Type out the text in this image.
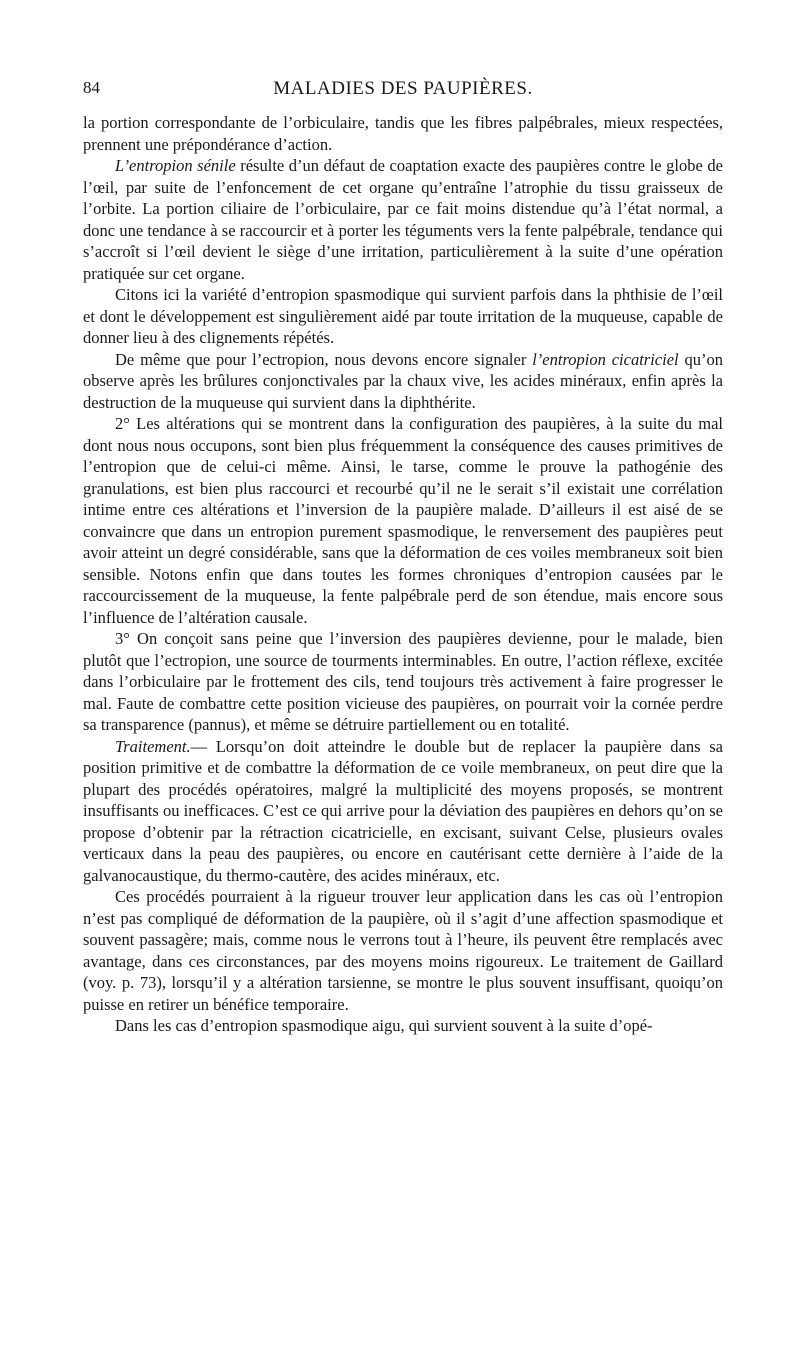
84	MALADIES DES PAUPIÈRES.

la portion correspondante de l’orbiculaire, tandis que les fibres palpébrales, mieux respectées, prennent une prépondérance d’action.

L’entropion sénile résulte d’un défaut de coaptation exacte des paupières contre le globe de l’œil, par suite de l’enfoncement de cet organe qu’entraîne l’atrophie du tissu graisseux de l’orbite. La portion ciliaire de l’orbiculaire, par ce fait moins distendue qu’à l’état normal, a donc une tendance à se raccourcir et à porter les téguments vers la fente palpébrale, tendance qui s’accroît si l’œil devient le siège d’une irritation, particulièrement à la suite d’une opération pratiquée sur cet organe.

Citons ici la variété d’entropion spasmodique qui survient parfois dans la phthisie de l’œil et dont le développement est singulièrement aidé par toute irritation de la muqueuse, capable de donner lieu à des clignements répétés.

De même que pour l’ectropion, nous devons encore signaler l’entropion cicatriciel qu’on observe après les brûlures conjonctivales par la chaux vive, les acides minéraux, enfin après la destruction de la muqueuse qui survient dans la diphthérite.

2° Les altérations qui se montrent dans la configuration des paupières, à la suite du mal dont nous nous occupons, sont bien plus fréquemment la conséquence des causes primitives de l’entropion que de celui-ci même. Ainsi, le tarse, comme le prouve la pathogénie des granulations, est bien plus raccourci et recourbé qu’il ne le serait s’il existait une corrélation intime entre ces altérations et l’inversion de la paupière malade. D’ailleurs il est aisé de se convaincre que dans un entropion purement spasmodique, le renversement des paupières peut avoir atteint un degré considérable, sans que la déformation de ces voiles membraneux soit bien sensible. Notons enfin que dans toutes les formes chroniques d’entropion causées par le raccourcissement de la muqueuse, la fente palpébrale perd de son étendue, mais encore sous l’influence de l’altération causale.

3° On conçoit sans peine que l’inversion des paupières devienne, pour le malade, bien plutôt que l’ectropion, une source de tourments interminables. En outre, l’action réflexe, excitée dans l’orbiculaire par le frottement des cils, tend toujours très activement à faire progresser le mal. Faute de combattre cette position vicieuse des paupières, on pourrait voir la cornée perdre sa transparence (pannus), et même se détruire partiellement ou en totalité.

Traitement.— Lorsqu’on doit atteindre le double but de replacer la paupière dans sa position primitive et de combattre la déformation de ce voile membraneux, on peut dire que la plupart des procédés opératoires, malgré la multiplicité des moyens proposés, se montrent insuffisants ou inefficaces. C’est ce qui arrive pour la déviation des paupières en dehors qu’on se propose d’obtenir par la rétraction cicatricielle, en excisant, suivant Celse, plusieurs ovales verticaux dans la peau des paupières, ou encore en cautérisant cette dernière à l’aide de la galvanocaustique, du thermo-cautère, des acides minéraux, etc.

Ces procédés pourraient à la rigueur trouver leur application dans les cas où l’entropion n’est pas compliqué de déformation de la paupière, où il s’agit d’une affection spasmodique et souvent passagère; mais, comme nous le verrons tout à l’heure, ils peuvent être remplacés avec avantage, dans ces circonstances, par des moyens moins rigoureux. Le traitement de Gaillard (voy. p. 73), lorsqu’il y a altération tarsienne, se montre le plus souvent insuffisant, quoiqu’on puisse en retirer un bénéfice temporaire.

Dans les cas d’entropion spasmodique aigu, qui survient souvent à la suite d’opé-
